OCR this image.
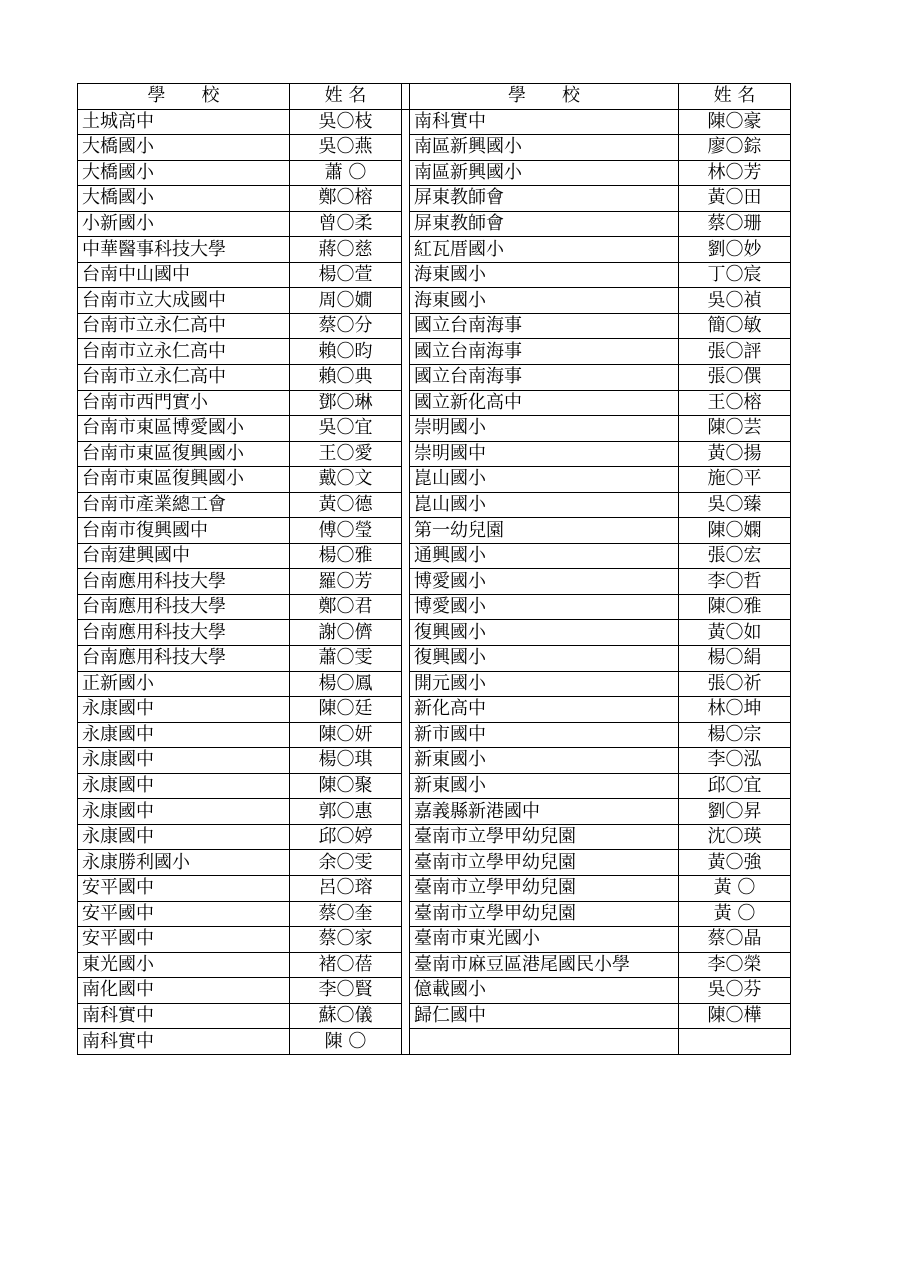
學　　校	姓 名		學　　校	姓 名
土城高中	吳〇枝		南科實中	陳〇豪
大橋國小	吳〇燕		南區新興國小	廖〇錝
大橋國小	蕭 〇		南區新興國小	林〇芳
大橋國小	鄭〇榕		屏東教師會	黃〇田
小新國小	曾〇柔		屏東教師會	蔡〇珊
中華醫事科技大學	蔣〇慈		紅瓦厝國小	劉〇妙
台南中山國中	楊〇萱		海東國小	丁〇宸
台南市立大成國中	周〇嫺		海東國小	吳〇禎
台南市立永仁高中	蔡〇分		國立台南海事	簡〇敏
台南市立永仁高中	賴〇昀		國立台南海事	張〇評
台南市立永仁高中	賴〇典		國立台南海事	張〇僎
台南市西門實小	鄧〇琳		國立新化高中	王〇榕
台南市東區博愛國小	吳〇宜		崇明國小	陳〇芸
台南市東區復興國小	王〇愛		崇明國中	黃〇揚
台南市東區復興國小	戴〇文		崑山國小	施〇平
台南市產業總工會	黃〇德		崑山國小	吳〇臻
台南市復興國中	傅〇瑩		第一幼兒園	陳〇嫻
台南建興國中	楊〇雅		通興國小	張〇宏
台南應用科技大學	羅〇芳		博愛國小	李〇哲
台南應用科技大學	鄭〇君		博愛國小	陳〇雅
台南應用科技大學	謝〇儕		復興國小	黃〇如
台南應用科技大學	蕭〇雯		復興國小	楊〇絹
正新國小	楊〇鳳		開元國小	張〇祈
永康國中	陳〇廷		新化高中	林〇坤
永康國中	陳〇妍		新市國中	楊〇宗
永康國中	楊〇琪		新東國小	李〇泓
永康國中	陳〇聚		新東國小	邱〇宜
永康國中	郭〇惠		嘉義縣新港國中	劉〇昇
永康國中	邱〇婷		臺南市立學甲幼兒園	沈〇瑛
永康勝利國小	余〇雯		臺南市立學甲幼兒園	黃〇強
安平國中	呂〇瑢		臺南市立學甲幼兒園	黃 〇
安平國中	蔡〇奎		臺南市立學甲幼兒園	黃 〇
安平國中	蔡〇家		臺南市東光國小	蔡〇晶
東光國小	褚〇蓓		臺南市麻豆區港尾國民小學	李〇榮
南化國中	李〇賢		億載國小	吳〇芬
南科實中	蘇〇儀		歸仁國中	陳〇樺
南科實中	陳 〇			
